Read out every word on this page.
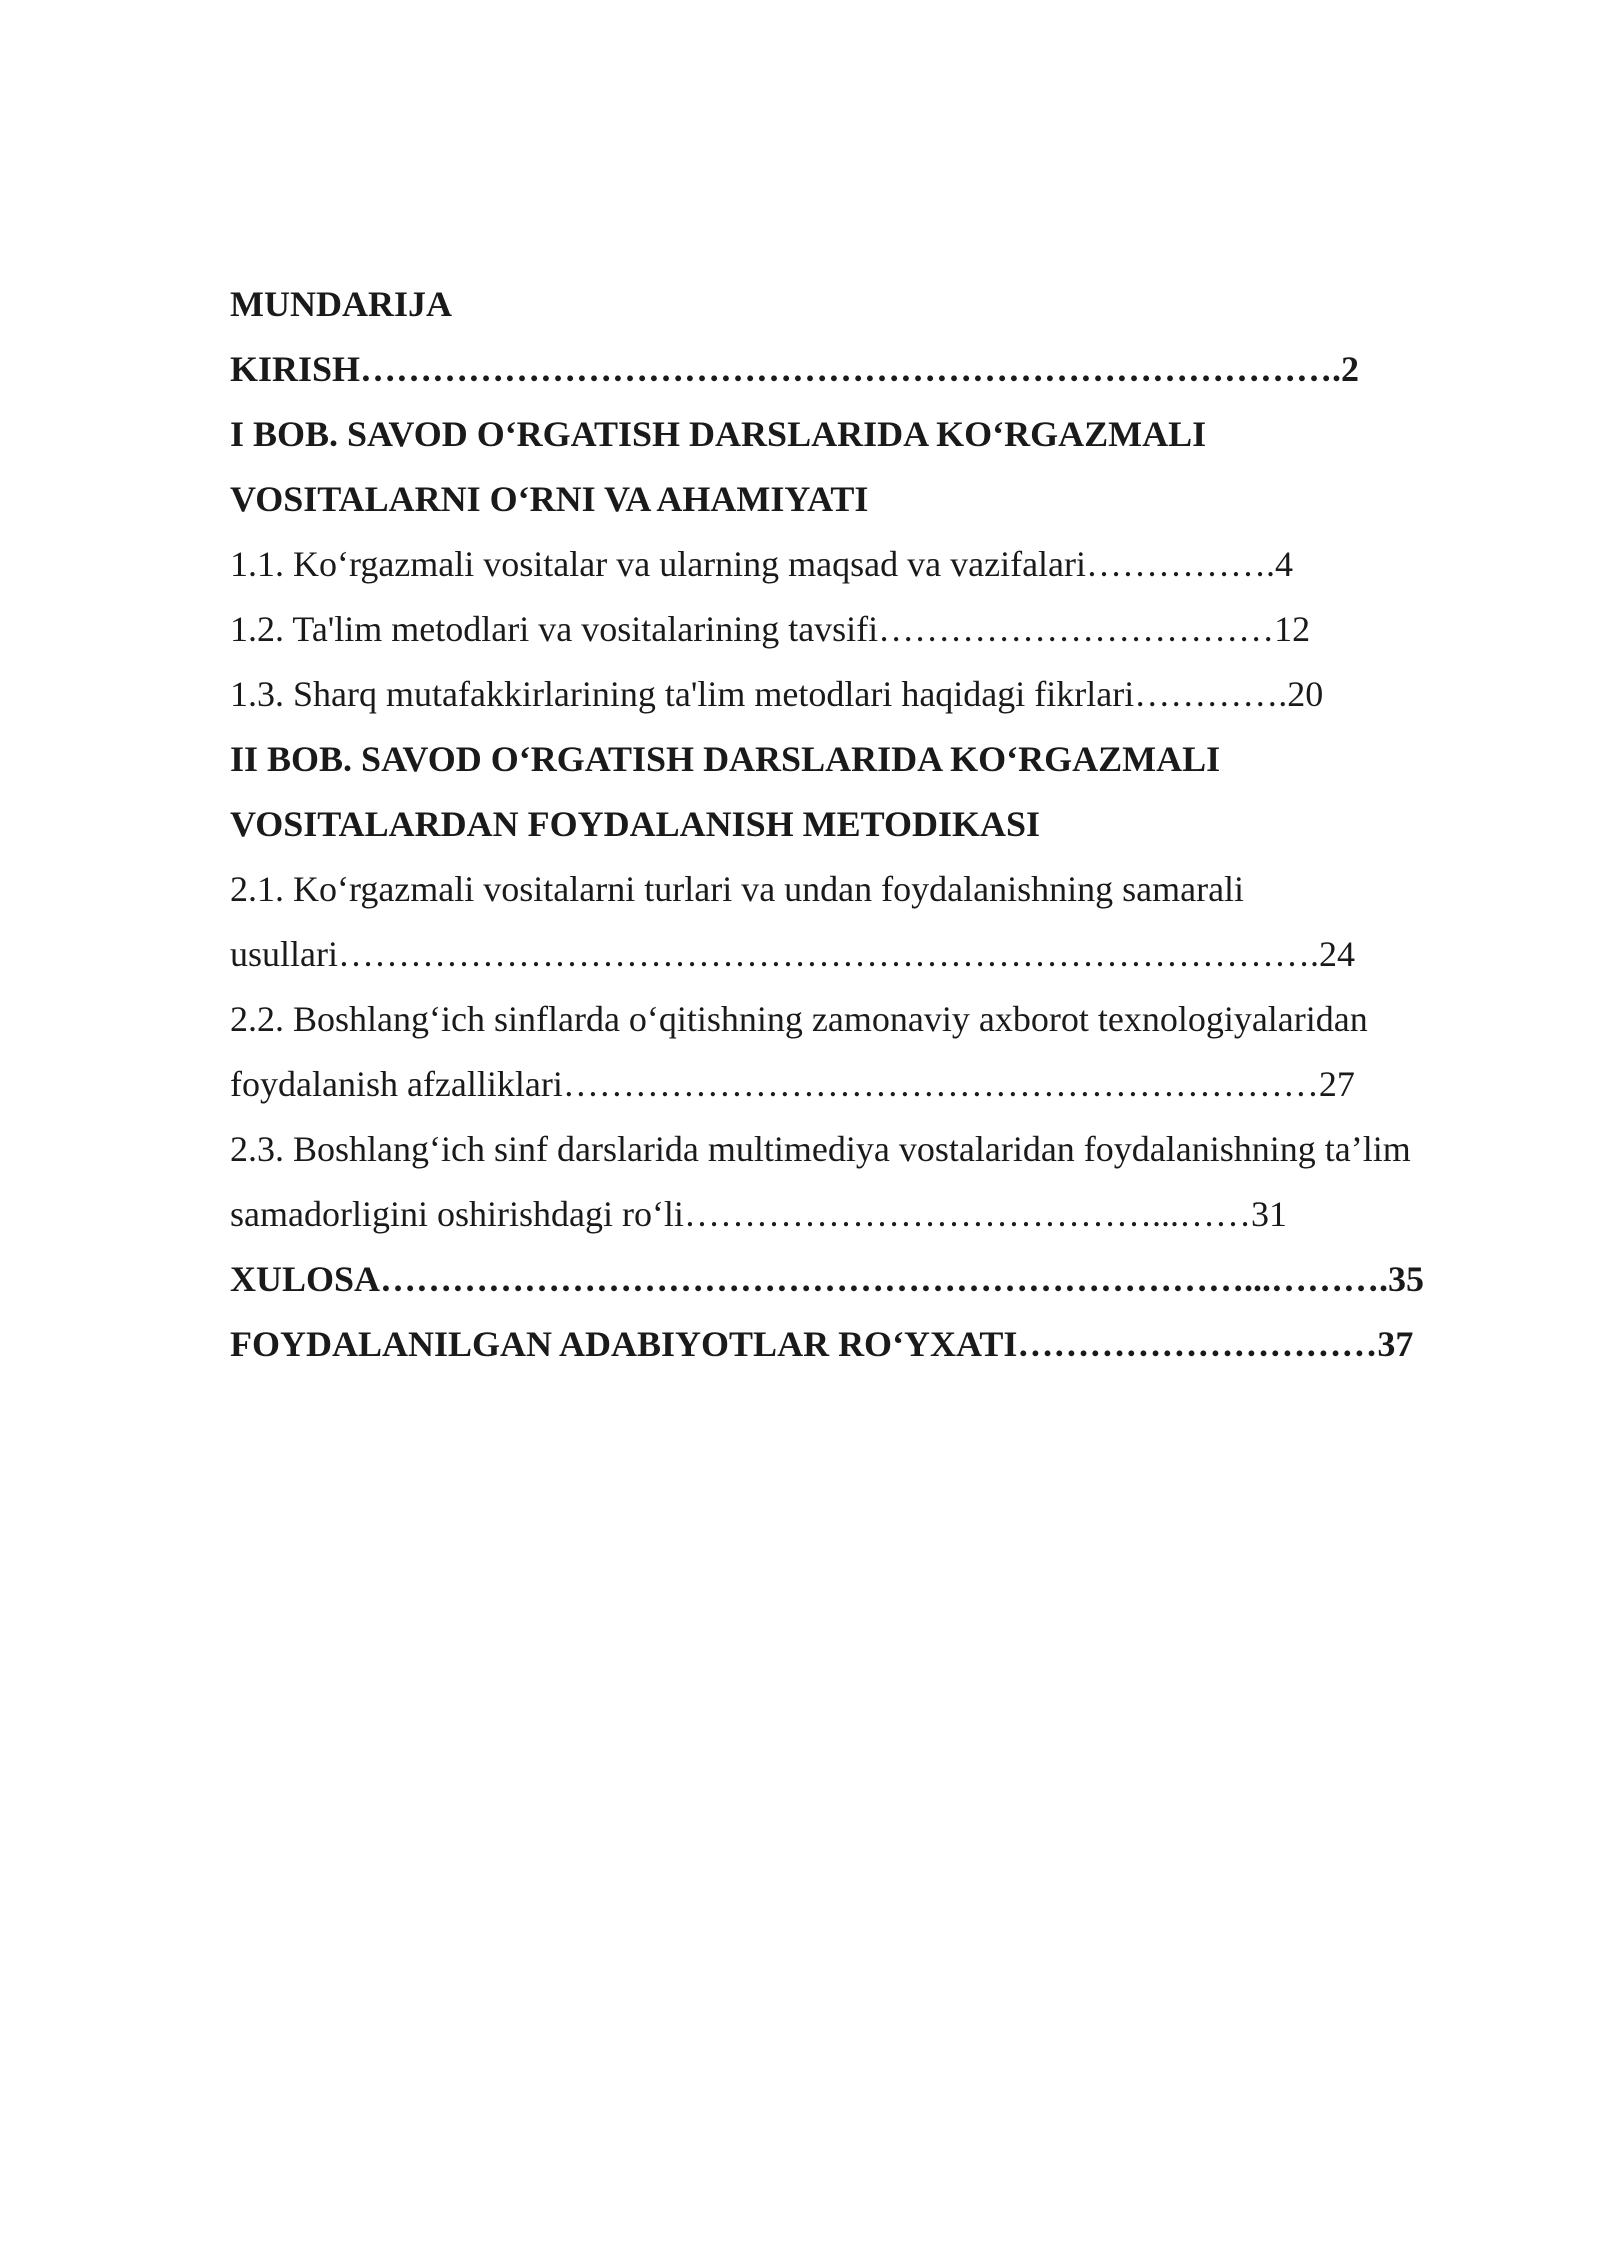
MUNDARIJA

KIRISH……………………………………………………………………….2

I BOB. SAVOD O‘RGATISH DARSLARIDA KO‘RGAZMALI

VOSITALARNI O‘RNI VA AHAMIYATI

1.1. Ko‘rgazmali vositalar va ularning maqsad va vazifalari…………….4

1.2. Ta'lim metodlari va vositalarining tavsifi……………………………12

1.3. Sharq mutafakkirlarining ta'lim metodlari haqidagi fikrlari………….20

II BOB. SAVOD O‘RGATISH DARSLARIDA KO‘RGAZMALI

VOSITALARDAN FOYDALANISH METODIKASI

2.1. Ko‘rgazmali vositalarni turlari va undan foydalanishning samarali

usullari……………………………………………………………………….24

2.2. Boshlang‘ich sinflarda o‘qitishning zamonaviy axborot texnologiyalaridan

foydalanish afzalliklari………………………………………………………27

2.3. Boshlang‘ich sinf darslarida multimediya vostalaridan foydalanishning ta’lim

samadorligini oshirishdagi ro‘li…………………………………...……31

XULOSA………………………………………………………………...……….35

FOYDALANILGAN ADABIYOTLAR RO‘YXATI…………………………37
